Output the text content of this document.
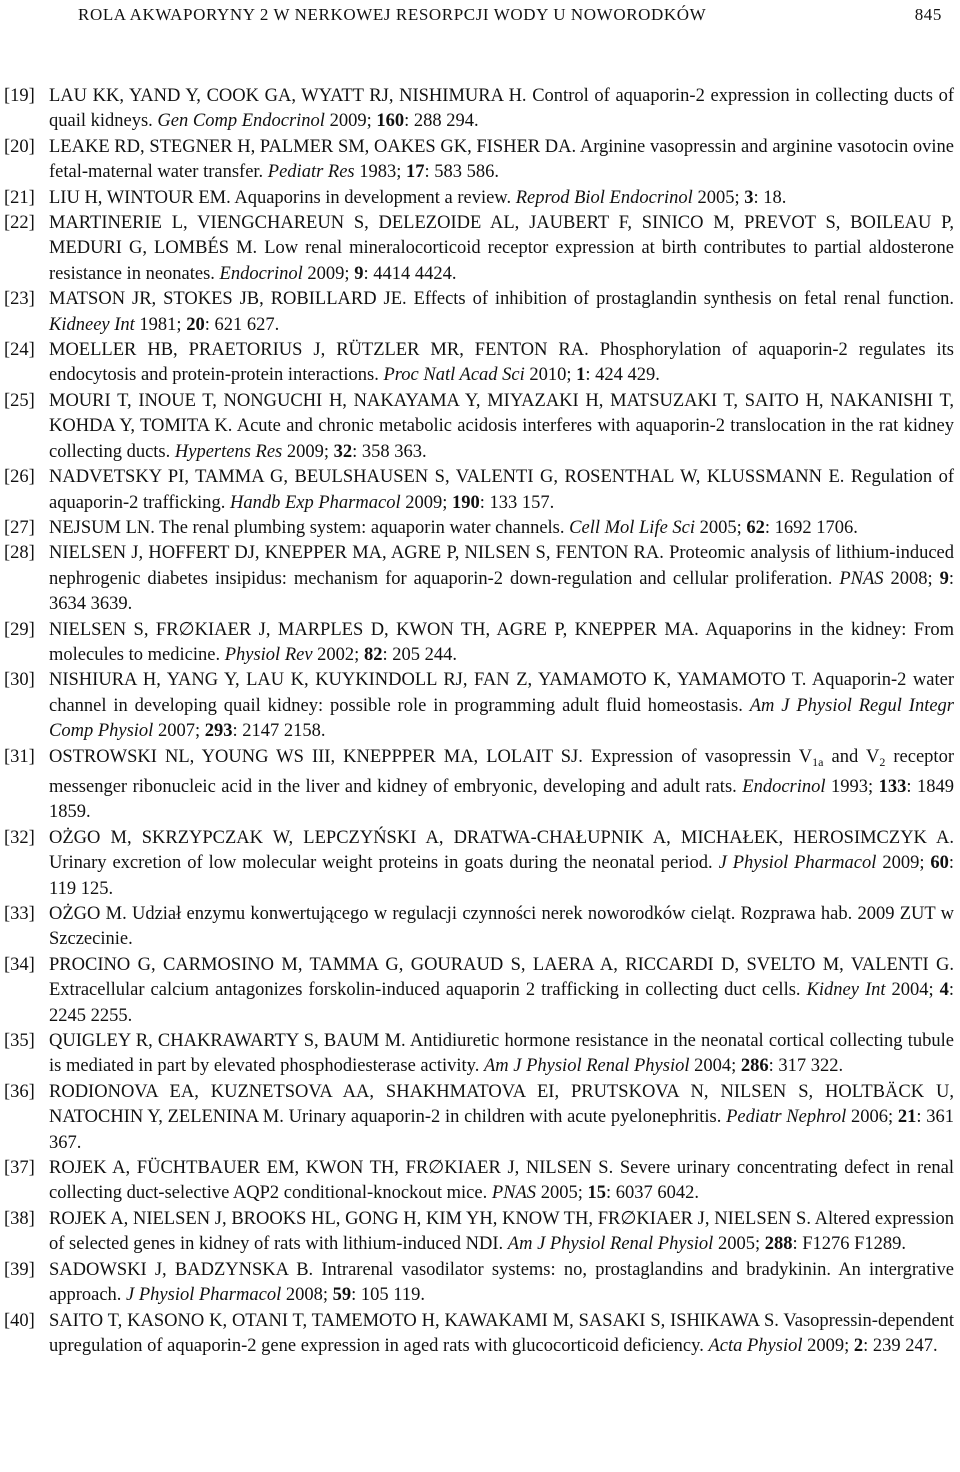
ROLA AKWAPORYNY 2 W NERKOWEJ RESORPCJI WODY U NOWORODKÓW	845
[19] LAU KK, YAND Y, COOK GA, WYATT RJ, NISHIMURA H. Control of aquaporin-2 expression in collecting ducts of quail kidneys. Gen Comp Endocrinol 2009; 160: 288 294.
[20] LEAKE RD, STEGNER H, PALMER SM, OAKES GK, FISHER DA. Arginine vasopressin and arginine vasotocin ovine fetal-maternal water transfer. Pediatr Res 1983; 17: 583 586.
[21] LIU H, WINTOUR EM. Aquaporins in development a review. Reprod Biol Endocrinol 2005; 3: 18.
[22] MARTINERIE L, VIENGCHAREUN S, DELEZOIDE AL, JAUBERT F, SINICO M, PREVOT S, BOILEAU P, MEDURI G, LOMBÉS M. Low renal mineralocorticoid receptor expression at birth contributes to partial aldosterone resistance in neonates. Endocrinol 2009; 9: 4414 4424.
[23] MATSON JR, STOKES JB, ROBILLARD JE. Effects of inhibition of prostaglandin synthesis on fetal renal function. Kidneey Int 1981; 20: 621 627.
[24] MOELLER HB, PRAETORIUS J, RÜTZLER MR, FENTON RA. Phosphorylation of aquaporin-2 regulates its endocytosis and protein-protein interactions. Proc Natl Acad Sci 2010; 1: 424 429.
[25] MOURI T, INOUE T, NONGUCHI H, NAKAYAMA Y, MIYAZAKI H, MATSUZAKI T, SAITO H, NAKANISHI T, KOHDA Y, TOMITA K. Acute and chronic metabolic acidosis interferes with aquaporin-2 translocation in the rat kidney collecting ducts. Hypertens Res 2009; 32: 358 363.
[26] NADVETSKY PI, TAMMA G, BEULSHAUSEN S, VALENTI G, ROSENTHAL W, KLUSSMANN E. Regulation of aquaporin-2 trafficking. Handb Exp Pharmacol 2009; 190: 133 157.
[27] NEJSUM LN. The renal plumbing system: aquaporin water channels. Cell Mol Life Sci 2005; 62: 1692 1706.
[28] NIELSEN J, HOFFERT DJ, KNEPPER MA, AGRE P, NILSEN S, FENTON RA. Proteomic analysis of lithium-induced nephrogenic diabetes insipidus: mechanism for aquaporin-2 down-regulation and cellular proliferation. PNAS 2008; 9: 3634 3639.
[29] NIELSEN S, FR∅KIAER J, MARPLES D, KWON TH, AGRE P, KNEPPER MA. Aquaporins in the kidney: From molecules to medicine. Physiol Rev 2002; 82: 205 244.
[30] NISHIURA H, YANG Y, LAU K, KUYKINDOLL RJ, FAN Z, YAMAMOTO K, YAMAMOTO T. Aquaporin-2 water channel in developing quail kidney: possible role in programming adult fluid homeostasis. Am J Physiol Regul Integr Comp Physiol 2007; 293: 2147 2158.
[31] OSTROWSKI NL, YOUNG WS III, KNEPPPER MA, LOLAIT SJ. Expression of vasopressin $V_{1a}$ and $V_2$ receptor messenger ribonucleic acid in the liver and kidney of embryonic, developing and adult rats. Endocrinol 1993; 133: 1849 1859.
[32] OŻGO M, SKRZYPCZAK W, LEPCZYŃSKI A, DRATWA-CHAŁUPNIK A, MICHAŁEK, HEROSIMCZYK A. Urinary excretion of low molecular weight proteins in goats during the neonatal period. J Physiol Pharmacol 2009; 60: 119 125.
[33] OŻGO M. Udział enzymu konwertującego w regulacji czynności nerek noworodków cieląt. Rozprawa hab. 2009 ZUT w Szczecinie.
[34] PROCINO G, CARMOSINO M, TAMMA G, GOURAUD S, LAERA A, RICCARDI D, SVELTO M, VALENTI G. Extracellular calcium antagonizes forskolin-induced aquaporin 2 trafficking in collecting duct cells. Kidney Int 2004; 4: 2245 2255.
[35] QUIGLEY R, CHAKRAWARTY S, BAUM M. Antidiuretic hormone resistance in the neonatal cortical collecting tubule is mediated in part by elevated phosphodiesterase activity. Am J Physiol Renal Physiol 2004; 286: 317 322.
[36] RODIONOVA EA, KUZNETSOVA AA, SHAKHMATOVA EI, PRUTSKOVA N, NILSEN S, HOLTBÄCK U, NATOCHIN Y, ZELENINA M. Urinary aquaporin-2 in children with acute pyelonephritis. Pediatr Nephrol 2006; 21: 361 367.
[37] ROJEK A, FÜCHTBAUER EM, KWON TH, FR∅KIAER J, NILSEN S. Severe urinary concentrating defect in renal collecting duct-selective AQP2 conditional-knockout mice. PNAS 2005; 15: 6037 6042.
[38] ROJEK A, NIELSEN J, BROOKS HL, GONG H, KIM YH, KNOW TH, FR∅KIAER J, NIELSEN S. Altered expression of selected genes in kidney of rats with lithium-induced NDI. Am J Physiol Renal Physiol 2005; 288: F1276 F1289.
[39] SADOWSKI J, BADZYNSKA B. Intrarenal vasodilator systems: no, prostaglandins and bradykinin. An intergrative approach. J Physiol Pharmacol 2008; 59: 105 119.
[40] SAITO T, KASONO K, OTANI T, TAMEMOTO H, KAWAKAMI M, SASAKI S, ISHIKAWA S. Vasopressin-dependent upregulation of aquaporin-2 gene expression in aged rats with glucocorticoid deficiency. Acta Physiol 2009; 2: 239 247.
